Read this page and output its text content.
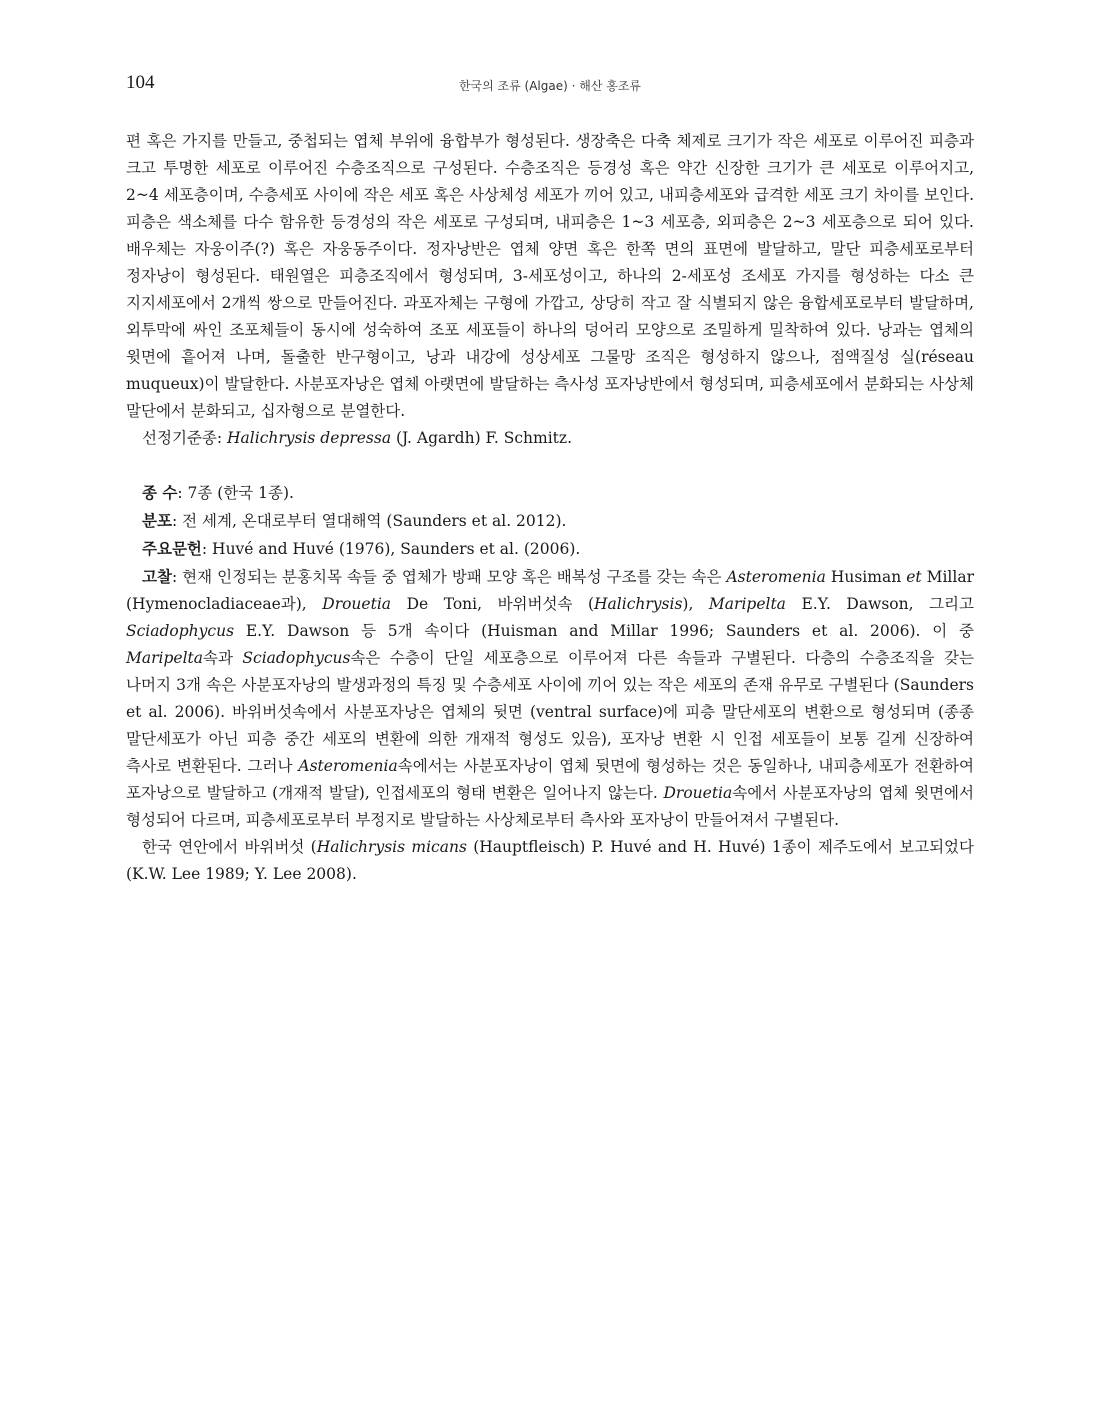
104	한국의 조류 (Algae) · 해산 홍조류

편 혹은 가지를 만들고, 중첩되는 엽체 부위에 융합부가 형성된다. 생장축은 다축 체제로 크기가 작은 세포로 이루어진 피층과 크고 투명한 세포로 이루어진 수층조직으로 구성된다. 수층조직은 등경성 혹은 약간 신장한 크기가 큰 세포로 이루어지고, 2~4 세포층이며, 수층세포 사이에 작은 세포 혹은 사상체성 세포가 끼어 있고, 내피층세포와 급격한 세포 크기 차이를 보인다. 피층은 색소체를 다수 함유한 등경성의 작은 세포로 구성되며, 내피층은 1~3 세포층, 외피층은 2~3 세포층으로 되어 있다. 배우체는 자웅이주(?) 혹은 자웅동주이다. 정자낭반은 엽체 양면 혹은 한쪽 면의 표면에 발달하고, 말단 피층세포로부터 정자낭이 형성된다. 태원열은 피층조직에서 형성되며, 3-세포성이고, 하나의 2-세포성 조세포 가지를 형성하는 다소 큰 지지세포에서 2개씩 쌍으로 만들어진다. 과포자체는 구형에 가깝고, 상당히 작고 잘 식별되지 않은 융합세포로부터 발달하며, 외투막에 싸인 조포체들이 동시에 성숙하여 조포 세포들이 하나의 덩어리 모양으로 조밀하게 밀착하여 있다. 낭과는 엽체의 윗면에 흩어져 나며, 돌출한 반구형이고, 낭과 내강에 성상세포 그물망 조직은 형성하지 않으나, 점액질성 실(réseau muqueux)이 발달한다. 사분포자낭은 엽체 아랫면에 발달하는 측사성 포자낭반에서 형성되며, 피층세포에서 분화되는 사상체 말단에서 분화되고, 십자형으로 분열한다.

선정기준종: Halichrysis depressa (J. Agardh) F. Schmitz.

종 수: 7종 (한국 1종).

분포: 전 세계, 온대로부터 열대해역 (Saunders et al. 2012).

주요문헌: Huvé and Huvé (1976), Saunders et al. (2006).

고찰: 현재 인정되는 분홍치목 속들 중 엽체가 방패 모양 혹은 배복성 구조를 갖는 속은 Asteromenia Husiman et Millar (Hymenocladiaceae과), Drouetia De Toni, 바위버섯속 (Halichrysis), Maripelta E.Y. Dawson, 그리고 Sciadophycus E.Y. Dawson 등 5개 속이다 (Huisman and Millar 1996; Saunders et al. 2006). 이 중 Maripelta속과 Sciadophycus속은 수층이 단일 세포층으로 이루어져 다른 속들과 구별된다. 다층의 수층조직을 갖는 나머지 3개 속은 사분포자낭의 발생과정의 특징 및 수층세포 사이에 끼어 있는 작은 세포의 존재 유무로 구별된다 (Saunders et al. 2006). 바위버섯속에서 사분포자낭은 엽체의 뒷면 (ventral surface)에 피층 말단세포의 변환으로 형성되며 (종종 말단세포가 아닌 피층 중간 세포의 변환에 의한 개재적 형성도 있음), 포자낭 변환 시 인접 세포들이 보통 길게 신장하여 측사로 변환된다. 그러나 Asteromenia속에서는 사분포자낭이 엽체 뒷면에 형성하는 것은 동일하나, 내피층세포가 전환하여 포자낭으로 발달하고 (개재적 발달), 인접세포의 형태 변환은 일어나지 않는다. Drouetia속에서 사분포자낭의 엽체 윗면에서 형성되어 다르며, 피층세포로부터 부정지로 발달하는 사상체로부터 측사와 포자낭이 만들어져서 구별된다.

한국 연안에서 바위버섯 (Halichrysis micans (Hauptfleisch) P. Huvé and H. Huvé) 1종이 제주도에서 보고되었다 (K.W. Lee 1989; Y. Lee 2008).
